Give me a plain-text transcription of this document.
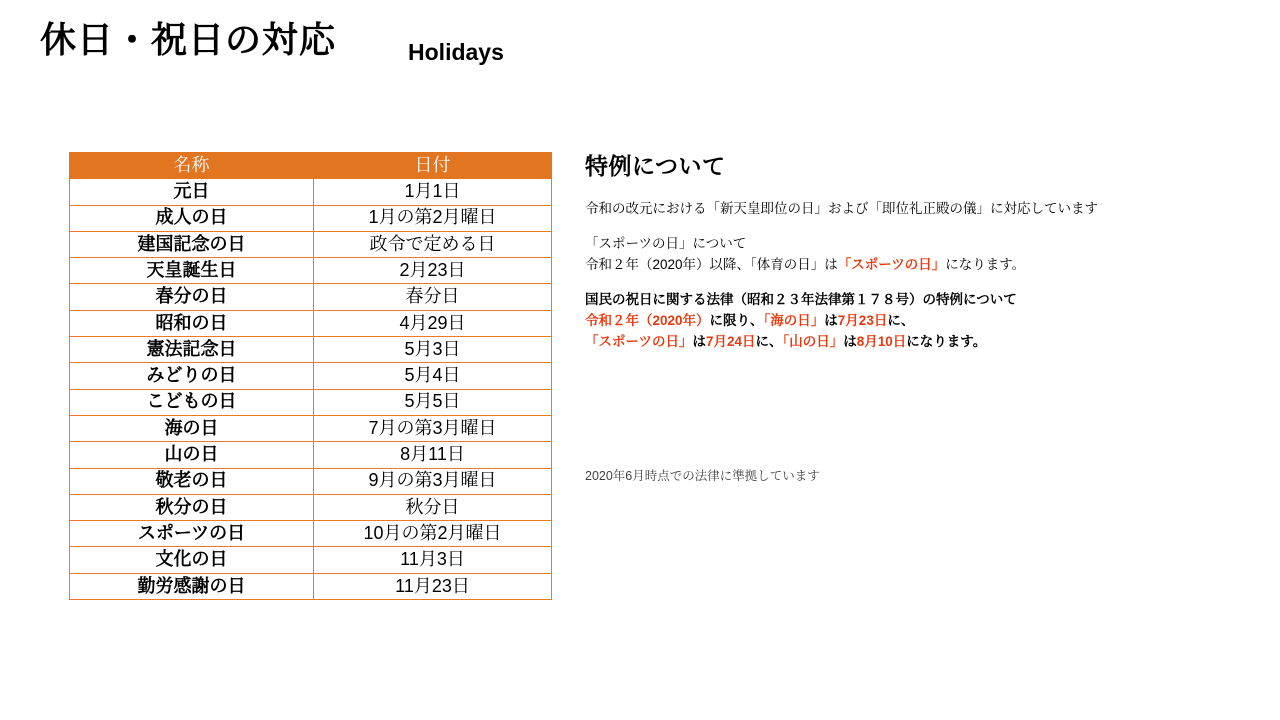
休日・祝日の対応	Holidays
名称	日付
元日	1月1日
成人の日	1月の第2月曜日
建国記念の日	政令で定める日
天皇誕生日	2月23日
春分の日	春分日
昭和の日	4月29日
憲法記念日	5月3日
みどりの日	5月4日
こどもの日	5月5日
海の日	7月の第3月曜日
山の日	8月11日
敬老の日	9月の第3月曜日
秋分の日	秋分日
スポーツの日	10月の第2月曜日
文化の日	11月3日
勤労感謝の日	11月23日
特例について
令和の改元における「新天皇即位の日」および「即位礼正殿の儀」に対応しています
「スポーツの日」について
令和２年（2020年）以降、「体育の日」は「スポーツの日」になります。
国民の祝日に関する法律（昭和２３年法律第１７８号）の特例について
令和２年（2020年）に限り、「海の日」は7月23日に、
「スポーツの日」は7月24日に、「山の日」は8月10日になります。
2020年6月時点での法律に準拠しています
